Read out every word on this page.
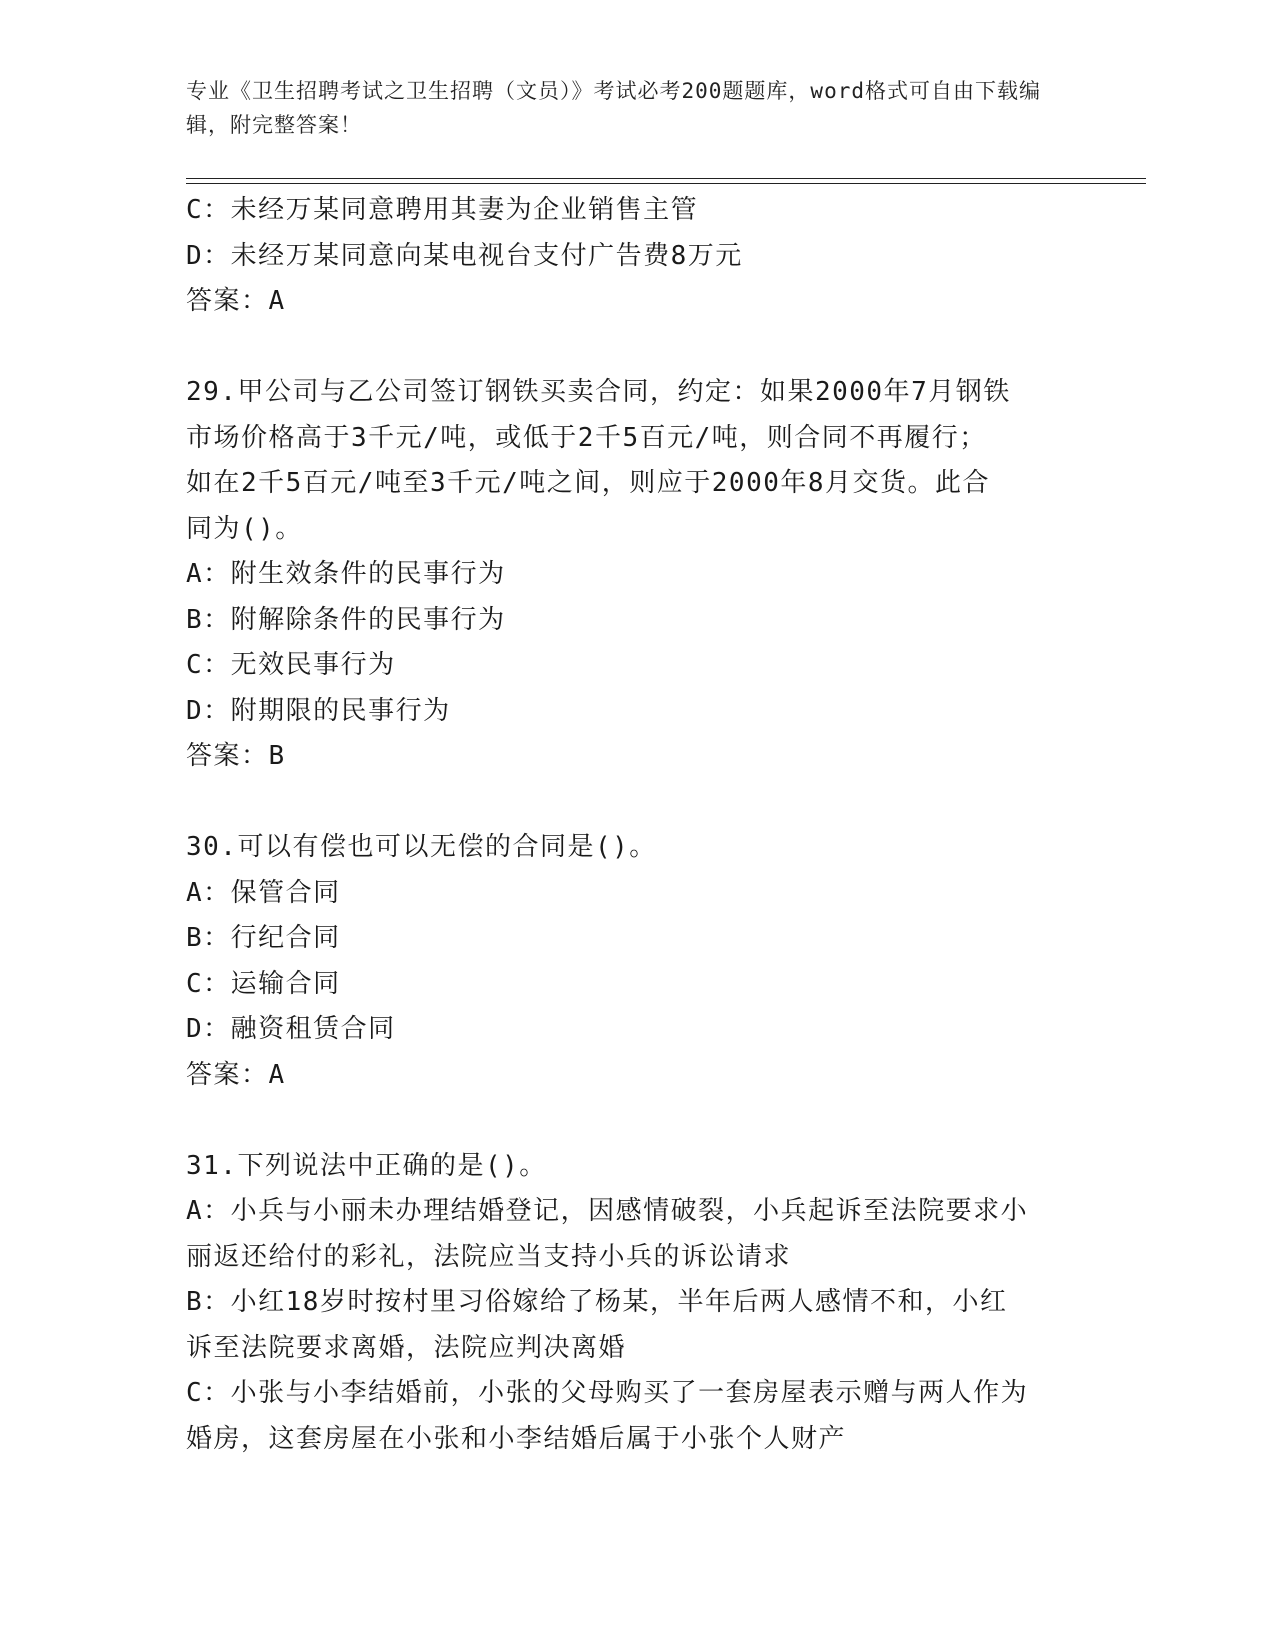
专业《卫生招聘考试之卫生招聘（文员）》考试必考200题题库，word格式可自由下载编辑，附完整答案！

C：未经万某同意聘用其妻为企业销售主管

D：未经万某同意向某电视台支付广告费8万元

答案：A

29.甲公司与乙公司签订钢铁买卖合同，约定：如果2000年7月钢铁

市场价格高于3千元/吨，或低于2千5百元/吨，则合同不再履行；

如在2千5百元/吨至3千元/吨之间，则应于2000年8月交货。此合

同为()。

A：附生效条件的民事行为

B：附解除条件的民事行为

C：无效民事行为

D：附期限的民事行为

答案：B

30.可以有偿也可以无偿的合同是()。

A：保管合同

B：行纪合同

C：运输合同

D：融资租赁合同

答案：A

31.下列说法中正确的是()。

A：小兵与小丽未办理结婚登记，因感情破裂，小兵起诉至法院要求小

丽返还给付的彩礼，法院应当支持小兵的诉讼请求

B：小红18岁时按村里习俗嫁给了杨某，半年后两人感情不和，小红

诉至法院要求离婚，法院应判决离婚

C：小张与小李结婚前，小张的父母购买了一套房屋表示赠与两人作为

婚房，这套房屋在小张和小李结婚后属于小张个人财产
